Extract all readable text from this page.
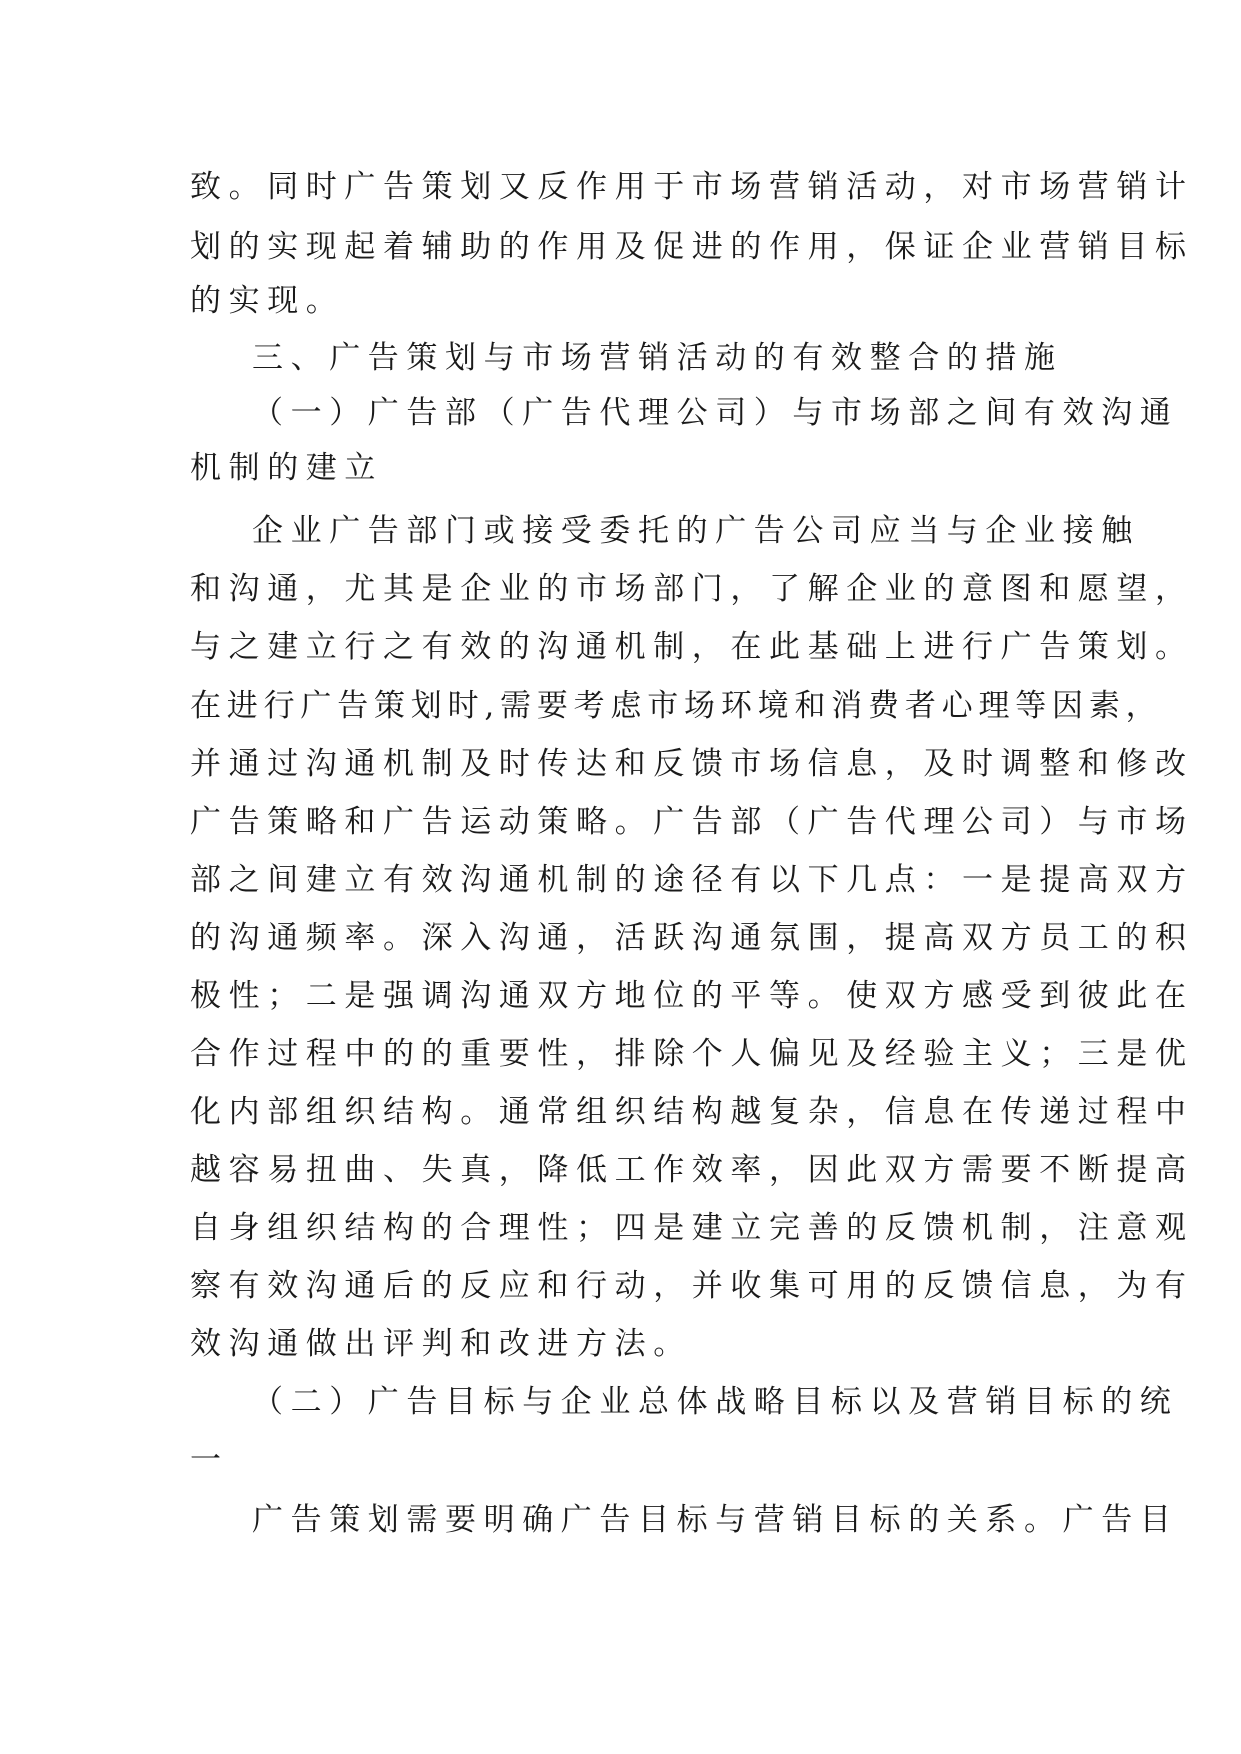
致。同时广告策划又反作用于市场营销活动，对市场营销计
划的实现起着辅助的作用及促进的作用，保证企业营销目标
的实现。
三、广告策划与市场营销活动的有效整合的措施
（一）广告部（广告代理公司）与市场部之间有效沟通
机制的建立
企业广告部门或接受委托的广告公司应当与企业接触
和沟通，尤其是企业的市场部门，了解企业的意图和愿望，
与之建立行之有效的沟通机制，在此基础上进行广告策划。
在进行广告策划时,需要考虑市场环境和消费者心理等因素，
并通过沟通机制及时传达和反馈市场信息，及时调整和修改
广告策略和广告运动策略。广告部（广告代理公司）与市场
部之间建立有效沟通机制的途径有以下几点：一是提高双方
的沟通频率。深入沟通，活跃沟通氛围，提高双方员工的积
极性；二是强调沟通双方地位的平等。使双方感受到彼此在
合作过程中的的重要性，排除个人偏见及经验主义；三是优
化内部组织结构。通常组织结构越复杂，信息在传递过程中
越容易扭曲、失真，降低工作效率，因此双方需要不断提高
自身组织结构的合理性；四是建立完善的反馈机制，注意观
察有效沟通后的反应和行动，并收集可用的反馈信息，为有
效沟通做出评判和改进方法。
（二）广告目标与企业总体战略目标以及营销目标的统
一
广告策划需要明确广告目标与营销目标的关系。广告目
